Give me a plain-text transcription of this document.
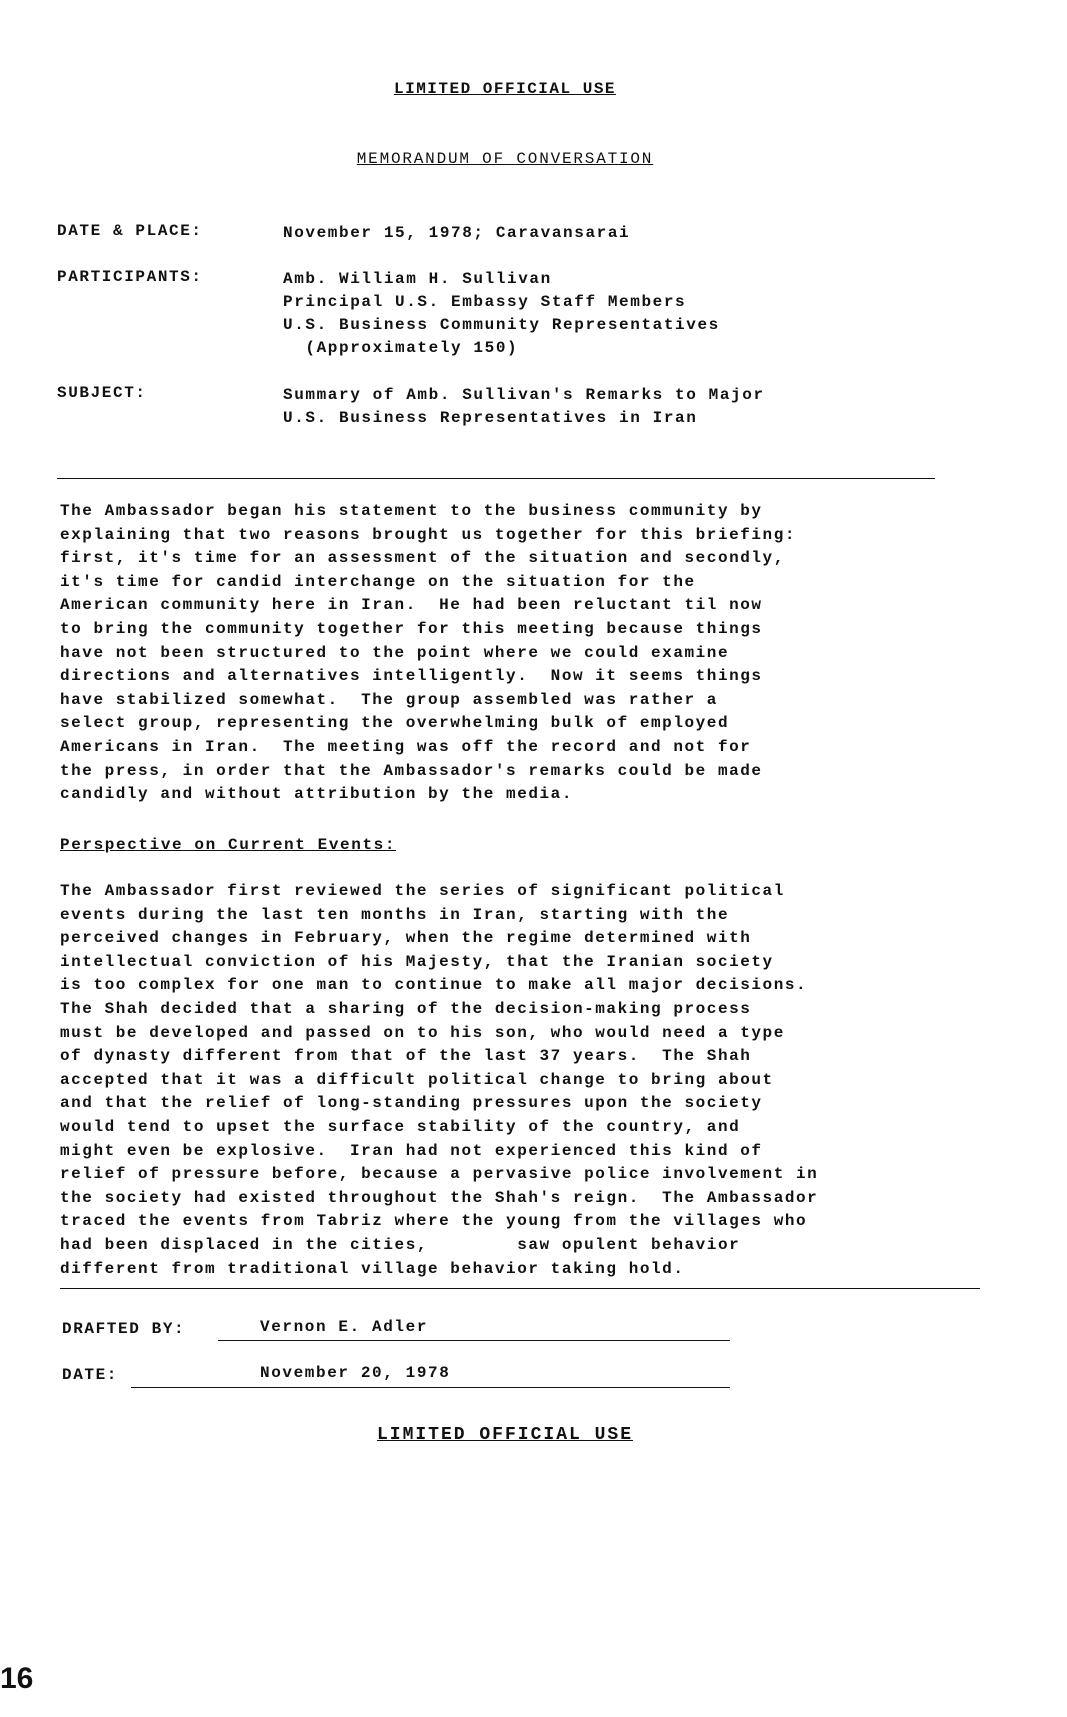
LIMITED OFFICIAL USE
MEMORANDUM OF CONVERSATION
DATE & PLACE:	November 15, 1978; Caravansarai
PARTICIPANTS:	Amb. William H. Sullivan
Principal U.S. Embassy Staff Members
U.S. Business Community Representatives
(Approximately 150)
SUBJECT:	Summary of Amb. Sullivan's Remarks to Major
U.S. Business Representatives in Iran
The Ambassador began his statement to the business community by
explaining that two reasons brought us together for this briefing:
first, it's time for an assessment of the situation and secondly,
it's time for candid interchange on the situation for the
American community here in Iran.  He had been reluctant til now
to bring the community together for this meeting because things
have not been structured to the point where we could examine
directions and alternatives intelligently.  Now it seems things
have stabilized somewhat.  The group assembled was rather a
select group, representing the overwhelming bulk of employed
Americans in Iran.  The meeting was off the record and not for
the press, in order that the Ambassador's remarks could be made
candidly and without attribution by the media.
Perspective on Current Events:
The Ambassador first reviewed the series of significant political
events during the last ten months in Iran, starting with the
perceived changes in February, when the regime determined with
intellectual conviction of his Majesty, that the Iranian society
is too complex for one man to continue to make all major decisions.
The Shah decided that a sharing of the decision-making process
must be developed and passed on to his son, who would need a type
of dynasty different from that of the last 37 years.  The Shah
accepted that it was a difficult political change to bring about
and that the relief of long-standing pressures upon the society
would tend to upset the surface stability of the country, and
might even be explosive.  Iran had not experienced this kind of
relief of pressure before, because a pervasive police involvement in
the society had existed throughout the Shah's reign.  The Ambassador
traced the events from Tabriz where the young from the villages who
had been displaced in the cities,        saw opulent behavior
different from traditional village behavior taking hold.
DRAFTED BY:	Vernon E. Adler
DATE:	November 20, 1978
LIMITED OFFICIAL USE
16
